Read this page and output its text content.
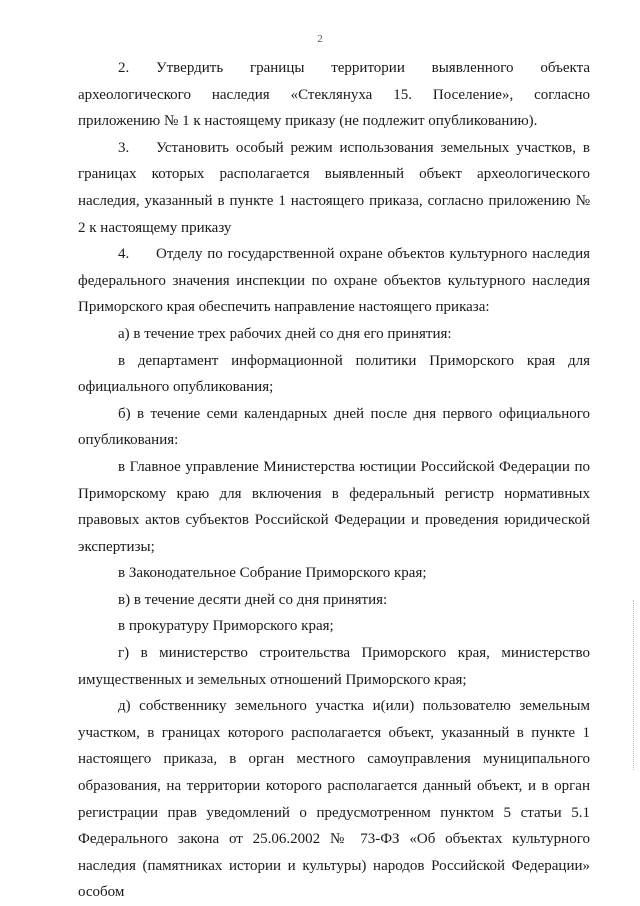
2

2. Утвердить границы территории выявленного объекта археологического наследия «Стеклянуха 15. Поселение», согласно приложению № 1 к настоящему приказу (не подлежит опубликованию).

3. Установить особый режим использования земельных участков, в границах которых располагается выявленный объект археологического наследия, указанный в пункте 1 настоящего приказа, согласно приложению № 2 к настоящему приказу

4. Отделу по государственной охране объектов культурного наследия федерального значения инспекции по охране объектов культурного наследия Приморского края обеспечить направление настоящего приказа:

а) в течение трех рабочих дней со дня его принятия:

в департамент информационной политики Приморского края для официального опубликования;

б) в течение семи календарных дней после дня первого официального опубликования:

в Главное управление Министерства юстиции Российской Федерации по Приморскому краю для включения в федеральный регистр нормативных правовых актов субъектов Российской Федерации и проведения юридической экспертизы;

в Законодательное Собрание Приморского края;

в) в течение десяти дней со дня принятия:

в прокуратуру Приморского края;

г) в министерство строительства Приморского края, министерство имущественных и земельных отношений Приморского края;

д) собственнику земельного участка и(или) пользователю земельным участком, в границах которого располагается объект, указанный в пункте 1 настоящего приказа, в орган местного самоуправления муниципального образования, на территории которого располагается данный объект, и в орган регистрации прав уведомлений о предусмотренном пунктом 5 статьи 5.1 Федерального закона от 25.06.2002 № 73-ФЗ «Об объектах культурного наследия (памятниках истории и культуры) народов Российской Федерации» особом
